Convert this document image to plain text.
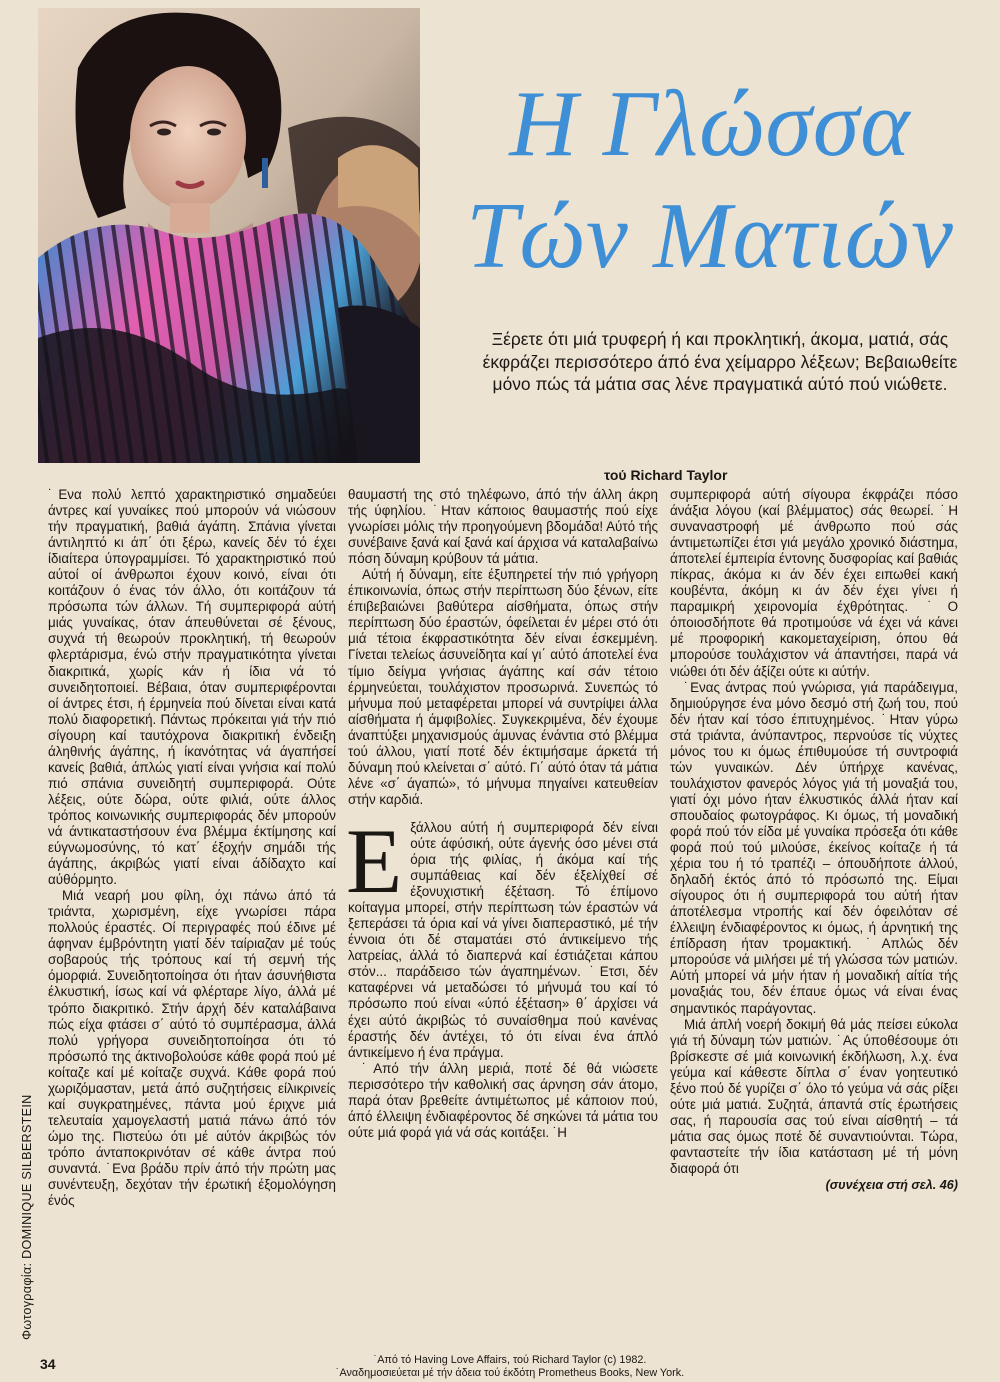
Η Γλώσσα
Τών Ματιών
Ξέρετε ότι μιά τρυφερή ή και προκλητική, άκομα, ματιά, σάς έκφράζει περισσότερο άπό ένα χείμαρρο λέξεων; Βεβαιωθείτε μόνο πώς τά μάτια σας λένε πραγματικά αύτό πού νιώθετε.
τού Richard Taylor

˙Ενα πολύ λεπτό χαρακτηριστικό σημαδεύει άντρες καί γυναίκες πού μπορούν νά νιώσουν τήν πραγματική, βαθιά άγάπη. Σπάνια γίνεται άντιληπτό κι άπ΄ ότι ξέρω, κανείς δέν τό έχει ίδιαίτερα ύπογραμμίσει. Τό χαρακτηριστικό πού αύτοί οί άνθρωποι έχουν κοινό, είναι ότι κοιτάζουν ό ένας τόν άλλο, ότι κοιτάζουν τά πρόσωπα τών άλλων. Τή συμπεριφορά αύτή μιάς γυναίκας, όταν άπευθύνεται σέ ξένους, συχνά τή θεωρούν προκλητική, τή θεωρούν φλερτάρισμα, ένώ στήν πραγματικότητα γίνεται διακριτικά, χωρίς κάν ή ίδια νά τό συνειδητοποιεί. Βέβαια, όταν συμπεριφέρονται οί άντρες έτσι, ή έρμηνεία πού δίνεται είναι κατά πολύ διαφορετική. Πάντως πρόκειται γιά τήν πιό σίγουρη καί ταυτόχρονα διακριτική ένδειξη άληθινής άγάπης, ή ίκανότητας νά άγαπήσεί κανείς βαθιά, άπλώς γιατί είναι γνήσια καί πολύ πιό σπάνια συνειδητή συμπεριφορά. Ούτε λέξεις, ούτε δώρα, ούτε φιλιά, ούτε άλλος τρόπος κοινωνικής συμπεριφοράς δέν μπορούν νά άντικαταστήσουν ένα βλέμμα έκτίμησης καί εύγνωμοσύνης, τό κατ΄ έξοχήν σημάδι τής άγάπης, άκριβώς γιατί είναι άδίδαχτο καί αύθόρμητο.

Μιά νεαρή μου φίλη, όχι πάνω άπό τά τριάντα, χωρισμένη, είχε γνωρίσει πάρα πολλούς έραστές. Οί περιγραφές πού έδινε μέ άφηναν έμβρόντητη γιατί δέν ταίριαζαν μέ τούς σοβαρούς τής τρόπους καί τή σεμνή τής όμορφιά. Συνειδητοποίησα ότι ήταν άσυνήθιστα έλκυστική, ίσως καί νά φλέρταρε λίγο, άλλά μέ τρόπο διακριτικό. Στήν άρχή δέν καταλάβαινα πώς είχα φτάσει σ΄ αύτό τό συμπέρασμα, άλλά πολύ γρήγορα συνειδητοποίησα ότι τό πρόσωπό της άκτινοβολούσε κάθε φορά πού μέ κοίταζε καί μέ κοίταζε συχνά. Κάθε φορά πού χωριζόμασταν, μετά άπό συζητήσεις είλικρινείς καί συγκρατημένες, πάντα μού έριχνε μιά τελευταία χαμογελαστή ματιά πάνω άπό τόν ώμο της. Πιστεύω ότι μέ αύτόν άκριβώς τόν τρόπο άνταποκρινόταν σέ κάθε άντρα πού συναντά. ˙Ενα βράδυ πρίν άπό τήν πρώτη μας συνέντευξη, δεχόταν τήν έρωτική έξομολόγηση ένός

θαυμαστή της στό τηλέφωνο, άπό τήν άλλη άκρη τής ύφηλίου. ˙Ηταν κάποιος θαυμαστής πού είχε γνωρίσει μόλις τήν προηγούμενη βδομάδα! Αύτό τής συνέβαινε ξανά καί ξανά καί άρχισα νά καταλαβαίνω πόση δύναμη κρύβουν τά μάτια.

Αύτή ή δύναμη, είτε έξυπηρετεί τήν πιό γρήγορη έπικοινωνία, όπως στήν περίπτωση δύο ξένων, είτε έπιβεβαιώνει βαθύτερα αίσθήματα, όπως στήν περίπτωση δύο έραστών, όφείλεται έν μέρει στό ότι μιά τέτοια έκφραστικότητα δέν είναι έσκεμμένη. Γίνεται τελείως άσυνείδητα καί γι΄ αύτό άποτελεί ένα τίμιο δείγμα γνήσιας άγάπης καί σάν τέτοιο έρμηνεύεται, τουλάχιστον προσωρινά. Συνεπώς τό μήνυμα πού μεταφέρεται μπορεί νά συντρίψει άλλα αίσθήματα ή άμφιβολίες. Συγκεκριμένα, δέν έχουμε άναπτύξει μηχανισμούς άμυνας ένάντια στό βλέμμα τού άλλου, γιατί ποτέ δέν έκτιμήσαμε άρκετά τή δύναμη πού κλείνεται σ΄ αύτό. Γι΄ αύτό όταν τά μάτια λένε «σ΄ άγαπώ», τό μήνυμα πηγαίνει κατευθείαν στήν καρδιά.

Εξάλλου αύτή ή συμπεριφορά δέν είναι ούτε άφύσική, ούτε άγενής όσο μένει στά όρια τής φιλίας, ή άκόμα καί τής συμπάθειας καί δέν έξελίχθεί σέ έξονυχιστική έξέταση. Τό έπίμονο κοίταγμα μπορεί, στήν περίπτωση τών έραστών νά ξεπεράσει τά όρια καί νά γίνει διαπεραστικό, μέ τήν έννοια ότι δέ σταματάει στό άντικείμενο τής λατρείας, άλλά τό διαπερνά καί έστιάζεται κάπου στόν... παράδεισο τών άγαπημένων. ˙Ετσι, δέν καταφέρνει νά μεταδώσει τό μήνυμά του καί τό πρόσωπο πού είναι «ύπό έξέταση» θ΄ άρχίσει νά έχει αύτό άκριβώς τό συναίσθημα πού κανένας έραστής δέν άντέχει, τό ότι είναι ένα άπλό άντικείμενο ή ένα πράγμα.

˙Από τήν άλλη μεριά, ποτέ δέ θά νιώσετε περισσότερο τήν καθολική σας άρνηση σάν άτομο, παρά όταν βρεθείτε άντιμέτωπος μέ κάποιον πού, άπό έλλειψη ένδιαφέροντος δέ σηκώνει τά μάτια του ούτε μιά φορά γιά νά σάς κοιτάξει. ˙Η

συμπεριφορά αύτή σίγουρα έκφράζει πόσο άνάξια λόγου (καί βλέμματος) σάς θεωρεί. ˙Η συναναστροφή μέ άνθρωπο πού σάς άντιμετωπίζει έτσι γιά μεγάλο χρονικό διάστημα, άποτελεί έμπειρία έντονης δυσφορίας καί βαθιάς πίκρας, άκόμα κι άν δέν έχει ειπωθεί κακή κουβέντα, άκόμη κι άν δέν έχει γίνει ή παραμικρή χειρονομία έχθρότητας. ˙Ο όποιοσδήποτε θά προτιμούσε νά έχει νά κάνει μέ προφορική κακομεταχείριση, όπου θά μπορούσε τουλάχιστον νά άπαντήσει, παρά νά νιώθει ότι δέν άξίζει ούτε κι αύτήν.

˙Ενας άντρας πού γνώρισα, γιά παράδειγμα, δημιούργησε ένα μόνο δεσμό στή ζωή του, πού δέν ήταν καί τόσο έπιτυχημένος. ˙Ηταν γύρω στά τριάντα, άνύπαντρος, περνούσε τίς νύχτες μόνος του κι όμως έπιθυμούσε τή συντροφιά τών γυναικών. Δέν ύπήρχε κανένας, τουλάχιστον φανερός λόγος γιά τή μοναξιά του, γιατί όχι μόνο ήταν έλκυστικός άλλά ήταν καί σπουδαίος φωτογράφος. Κι όμως, τή μοναδική φορά πού τόν είδα μέ γυναίκα πρόσεξα ότι κάθε φορά πού τού μιλούσε, έκείνος κοίταζε ή τά χέρια του ή τό τραπέζι – όπουδήποτε άλλού, δηλαδή έκτός άπό τό πρόσωπό της. Είμαι σίγουρος ότι ή συμπεριφορά του αύτή ήταν άποτέλεσμα ντροπής καί δέν όφειλόταν σέ έλλειψη ένδιαφέροντος κι όμως, ή άρνητική της έπίδραση ήταν τρομακτική. ˙Απλώς δέν μπορούσε νά μιλήσει μέ τή γλώσσα τών ματιών. Αύτή μπορεί νά μήν ήταν ή μοναδική αίτία τής μοναξιάς του, δέν έπαυε όμως νά είναι ένας σημαντικός παράγοντας.

Μιά άπλή νοερή δοκιμή θά μάς πείσει εύκολα γιά τή δύναμη τών ματιών. ˙Ας ύποθέσουμε ότι βρίσκεστε σέ μιά κοινωνική έκδήλωση, λ.χ. ένα γεύμα καί κάθεστε δίπλα σ΄ έναν γοητευτικό ξένο πού δέ γυρίζει σ΄ όλο τό γεύμα νά σάς ρίξει ούτε μιά ματιά. Συζητά, άπαντά στίς έρωτήσεις σας, ή παρουσία σας τού είναι αίσθητή – τά μάτια σας όμως ποτέ δέ συναντιούνται. Τώρα, φανταστείτε τήν ίδια κατάσταση μέ τή μόνη διαφορά ότι

(συνέχεια στή σελ. 46)
Φωτογραφία: DOMINIQUE SILBERSTEIN
34	˙Από τό Having Love Affairs, τού Richard Taylor (c) 1982.
˙Αναδημοσιεύεται μέ τήν άδεια τού έκδότη Prometheus Books, New York.
